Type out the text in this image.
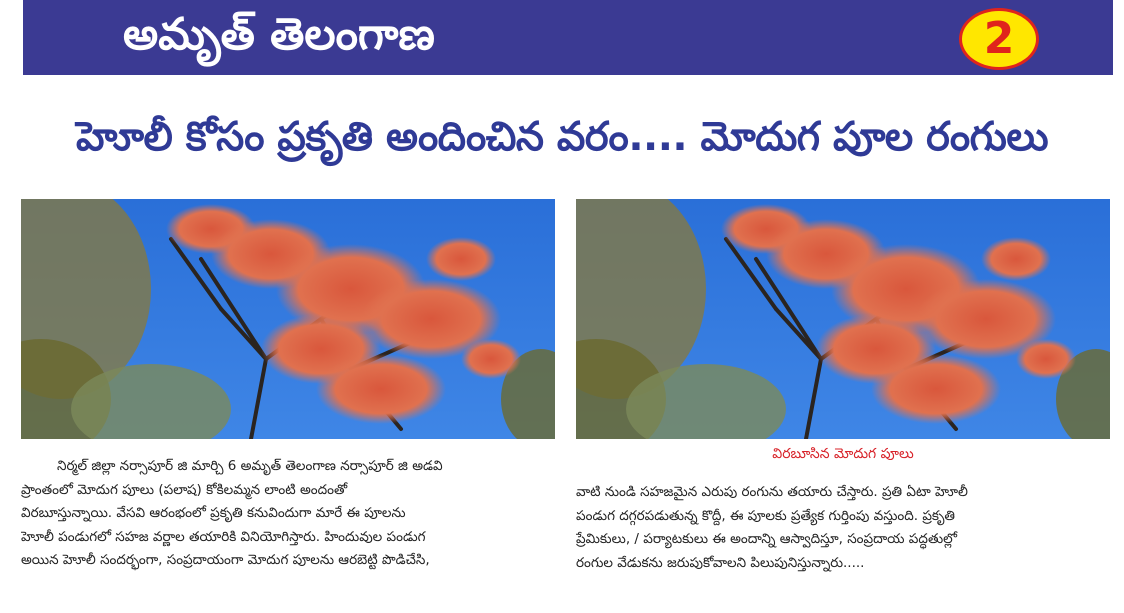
అమృత్ తెలంగాణ	2
హెూలీ కోసం ప్రకృతి అందించిన వరం.... మోదుగ పూల రంగులు
విరబూసిన మోదుగ పూలు
నిర్మల్ జిల్లా నర్సాపూర్ జి మార్చి 6 అమృత్ తెలంగాణ నర్సాపూర్ జి అడవి
ప్రాంతంలో మోదుగ పూలు (పలాష) కోకిలమ్మన లాంటి అందంతో
విరబూస్తున్నాయి. వేసవి ఆరంభంలో ప్రకృతి కనువిందుగా మారే ఈ పూలను
హెూలీ పండుగలో సహజ వర్ణాల తయారికి వినియోగిస్తారు. హిందువుల పండుగ
అయిన హెూలీ సందర్భంగా, సంప్రదాయంగా మోదుగ పూలను ఆరబెట్టి పొడిచేసి,
వాటి నుండి సహజమైన ఎరుపు రంగును తయారు చేస్తారు. ప్రతి ఏటా హెూలీ
పండుగ దగ్గరపడుతున్న కొద్దీ, ఈ పూలకు ప్రత్యేక గుర్తింపు వస్తుంది. ప్రకృతి
ప్రేమికులు, / పర్యాటకులు ఈ అందాన్ని ఆస్వాదిస్తూ, సంప్రదాయ పద్ధతుల్లో
రంగుల వేడుకను జరుపుకోవాలని పిలుపునిస్తున్నారు.....
